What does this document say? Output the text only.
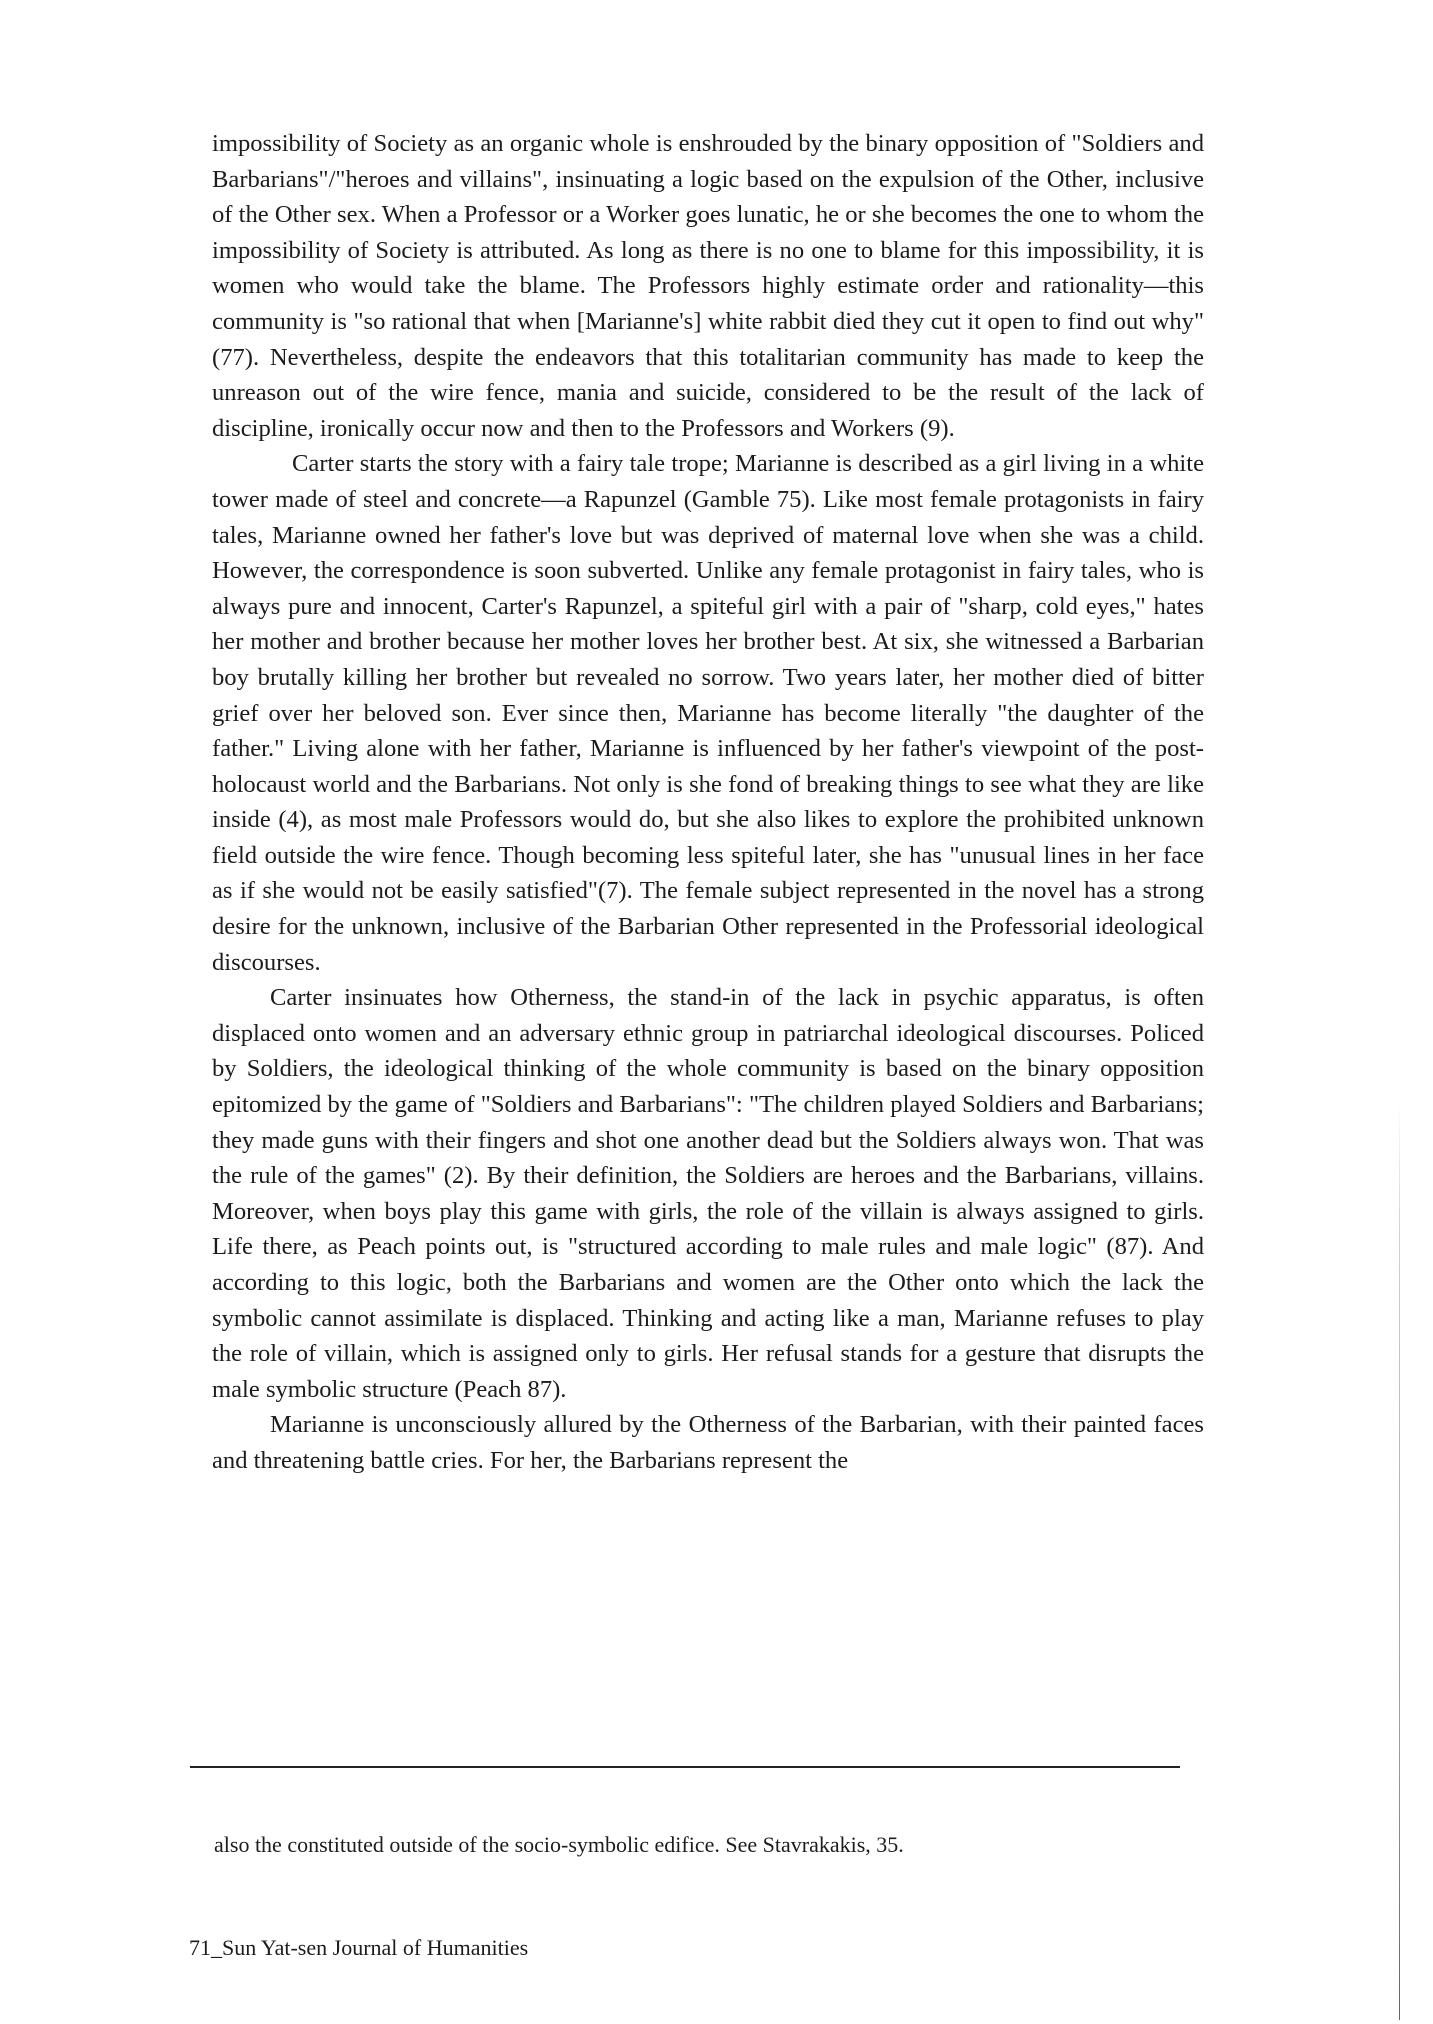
impossibility of Society as an organic whole is enshrouded by the binary opposition of "Soldiers and Barbarians"/"heroes and villains", insinuating a logic based on the expulsion of the Other, inclusive of the Other sex. When a Professor or a Worker goes lunatic, he or she becomes the one to whom the impossibility of Society is attributed. As long as there is no one to blame for this impossibility, it is women who would take the blame. The Professors highly estimate order and rationality—this community is "so rational that when [Marianne's] white rabbit died they cut it open to find out why" (77). Nevertheless, despite the endeavors that this totalitarian community has made to keep the unreason out of the wire fence, mania and suicide, considered to be the result of the lack of discipline, ironically occur now and then to the Professors and Workers (9).

Carter starts the story with a fairy tale trope; Marianne is described as a girl living in a white tower made of steel and concrete—a Rapunzel (Gamble 75). Like most female protagonists in fairy tales, Marianne owned her father's love but was deprived of maternal love when she was a child. However, the correspondence is soon subverted. Unlike any female protagonist in fairy tales, who is always pure and innocent, Carter's Rapunzel, a spiteful girl with a pair of "sharp, cold eyes," hates her mother and brother because her mother loves her brother best. At six, she witnessed a Barbarian boy brutally killing her brother but revealed no sorrow. Two years later, her mother died of bitter grief over her beloved son. Ever since then, Marianne has become literally "the daughter of the father." Living alone with her father, Marianne is influenced by her father's viewpoint of the post-holocaust world and the Barbarians. Not only is she fond of breaking things to see what they are like inside (4), as most male Professors would do, but she also likes to explore the prohibited unknown field outside the wire fence. Though becoming less spiteful later, she has "unusual lines in her face as if she would not be easily satisfied"(7). The female subject represented in the novel has a strong desire for the unknown, inclusive of the Barbarian Other represented in the Professorial ideological discourses.

Carter insinuates how Otherness, the stand-in of the lack in psychic apparatus, is often displaced onto women and an adversary ethnic group in patriarchal ideological discourses. Policed by Soldiers, the ideological thinking of the whole community is based on the binary opposition epitomized by the game of "Soldiers and Barbarians": "The children played Soldiers and Barbarians; they made guns with their fingers and shot one another dead but the Soldiers always won. That was the rule of the games" (2). By their definition, the Soldiers are heroes and the Barbarians, villains. Moreover, when boys play this game with girls, the role of the villain is always assigned to girls. Life there, as Peach points out, is "structured according to male rules and male logic" (87). And according to this logic, both the Barbarians and women are the Other onto which the lack the symbolic cannot assimilate is displaced. Thinking and acting like a man, Marianne refuses to play the role of villain, which is assigned only to girls. Her refusal stands for a gesture that disrupts the male symbolic structure (Peach 87).

Marianne is unconsciously allured by the Otherness of the Barbarian, with their painted faces and threatening battle cries. For her, the Barbarians represent the

also the constituted outside of the socio-symbolic edifice. See Stavrakakis, 35.
71_Sun Yat-sen Journal of Humanities
